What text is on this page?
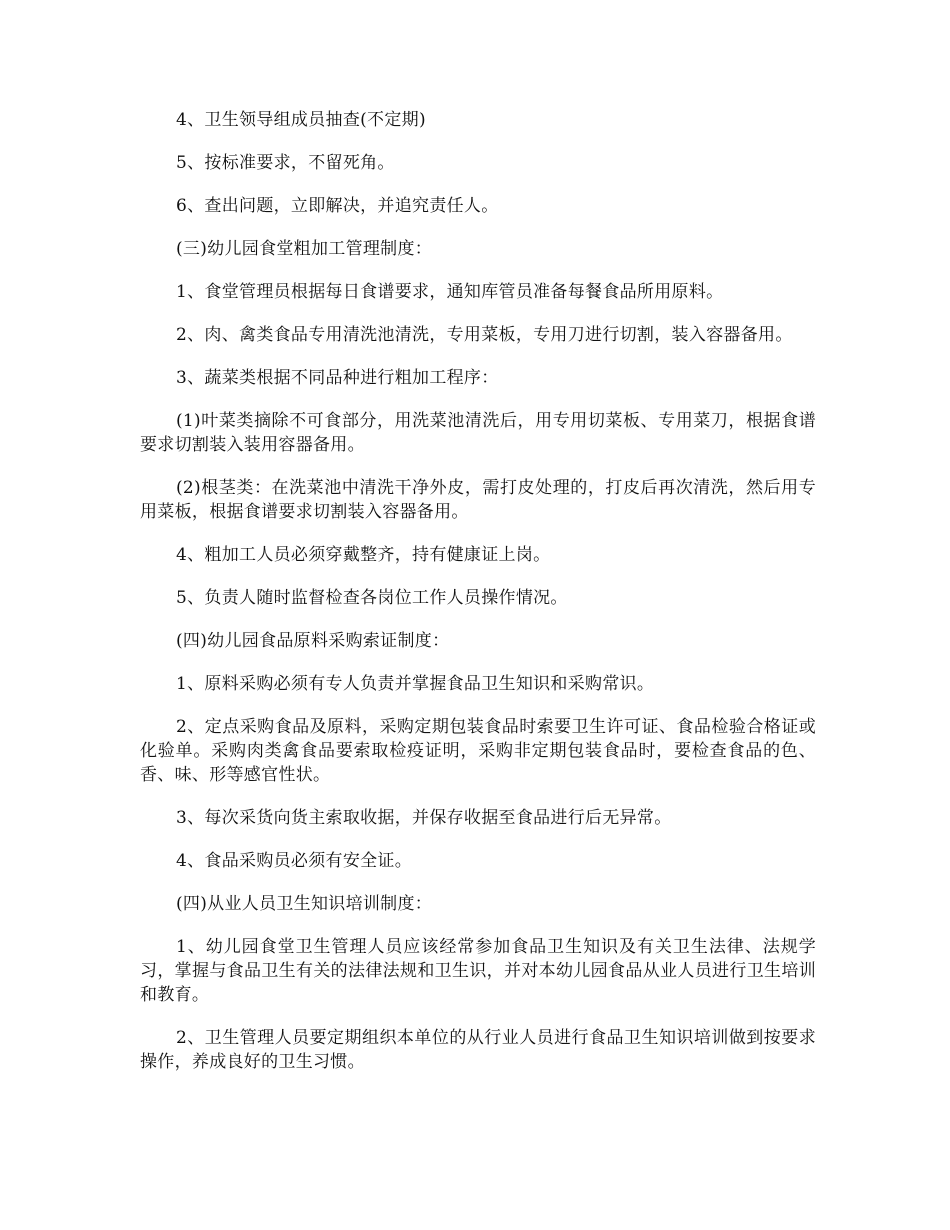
4、卫生领导组成员抽查(不定期)

5、按标准要求，不留死角。

6、查出问题，立即解决，并追究责任人。

(三)幼儿园食堂粗加工管理制度：

1、食堂管理员根据每日食谱要求，通知库管员准备每餐食品所用原料。

2、肉、禽类食品专用清洗池清洗，专用菜板，专用刀进行切割，装入容器备用。

3、蔬菜类根据不同品种进行粗加工程序：

(1)叶菜类摘除不可食部分，用洗菜池清洗后，用专用切菜板、专用菜刀，根据食谱要求切割装入装用容器备用。

(2)根茎类：在洗菜池中清洗干净外皮，需打皮处理的，打皮后再次清洗，然后用专用菜板，根据食谱要求切割装入容器备用。

4、粗加工人员必须穿戴整齐，持有健康证上岗。

5、负责人随时监督检查各岗位工作人员操作情况。

(四)幼儿园食品原料采购索证制度：

1、原料采购必须有专人负责并掌握食品卫生知识和采购常识。

2、定点采购食品及原料，采购定期包装食品时索要卫生许可证、食品检验合格证或化验单。采购肉类禽食品要索取检疫证明，采购非定期包装食品时，要检查食品的色、香、味、形等感官性状。

3、每次采货向货主索取收据，并保存收据至食品进行后无异常。

4、食品采购员必须有安全证。

(四)从业人员卫生知识培训制度：

1、幼儿园食堂卫生管理人员应该经常参加食品卫生知识及有关卫生法律、法规学习，掌握与食品卫生有关的法律法规和卫生识，并对本幼儿园食品从业人员进行卫生培训和教育。

2、卫生管理人员要定期组织本单位的从行业人员进行食品卫生知识培训做到按要求操作，养成良好的卫生习惯。
